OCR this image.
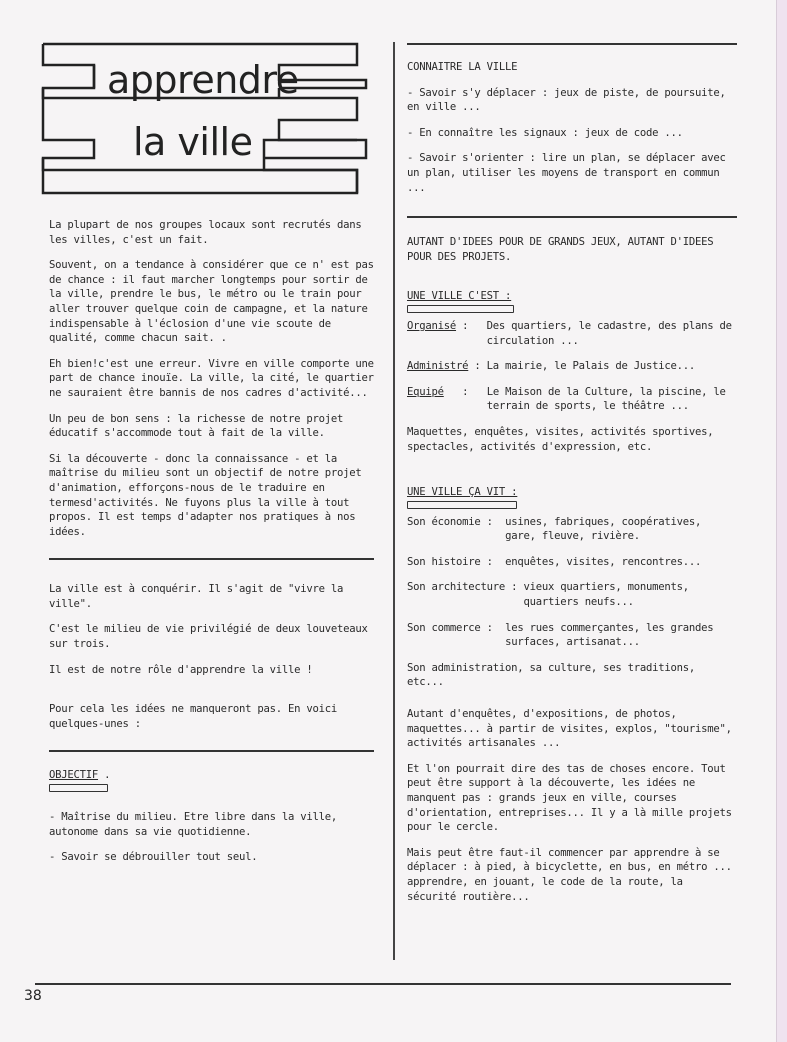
apprendre
la ville

La plupart de nos groupes locaux sont recrutés dans les villes, c'est un fait.

Souvent, on a tendance à considérer que ce n' est pas de chance : il faut marcher longtemps pour sortir de la ville, prendre le bus, le métro ou le train pour aller trouver quelque coin de campagne, et la nature indispensable à l'éclosion d'une vie scoute de qualité, comme chacun sait. .

Eh bien!c'est une erreur. Vivre en ville comporte une part de chance inouïe. La ville, la cité, le quartier ne sauraient être bannis de nos cadres d'activité...

Un peu de bon sens : la richesse de notre projet éducatif s'accommode tout à fait de la ville.

Si la découverte - donc la connaissance - et la maîtrise du milieu sont un objectif de notre projet d'animation, efforçons-nous de le traduire en termesd'activités. Ne fuyons plus la ville à tout propos. Il est temps d'adapter nos pratiques à nos idées.

La ville est à conquérir. Il s'agit de "vivre la ville".

C'est le milieu de vie privilégié de deux louveteaux sur trois.

Il est de notre rôle d'apprendre la ville !

Pour cela les idées ne manqueront pas. En voici quelques-unes :

OBJECTIF .

- Maîtrise du milieu. Etre libre dans la ville, autonome dans sa vie quotidienne.

- Savoir se débrouiller tout seul.

CONNAITRE LA VILLE

- Savoir s'y déplacer : jeux de piste, de poursuite, en ville ...

- En connaître les signaux : jeux de code ...

- Savoir s'orienter : lire un plan, se déplacer avec un plan, utiliser les moyens de transport en commun ...

AUTANT D'IDEES POUR DE GRANDS JEUX, AUTANT D'IDEES POUR DES PROJETS.

UNE VILLE C'EST :
Organisé : Des quartiers, le cadastre, des plans de circulation ...
Administré : La mairie, le Palais de Justice...
Equipé   : Le Maison de la Culture, la piscine, le terrain de sports, le théâtre ...

Maquettes, enquêtes, visites, activités sportives, spectacles, activités d'expression, etc.

UNE VILLE ÇA VIT :
Son économie : usines, fabriques, coopératives, gare, fleuve, rivière.
Son histoire : enquêtes, visites, rencontres...
Son architecture : vieux quartiers, monuments, quartiers neufs...
Son commerce : les rues commerçantes, les grandes surfaces, artisanat...

Son administration, sa culture, ses traditions, etc...

Autant d'enquêtes, d'expositions, de photos, maquettes... à partir de visites, explos, "tourisme", activités artisanales ...

Et l'on pourrait dire des tas de choses encore. Tout peut être support à la découverte, les idées ne manquent pas : grands jeux en ville, courses d'orientation, entreprises... Il y a là mille projets pour le cercle.

Mais peut être faut-il commencer par apprendre à se déplacer : à pied, à bicyclette, en bus, en métro ... apprendre, en jouant, le code de la route, la sécurité routière...

38
